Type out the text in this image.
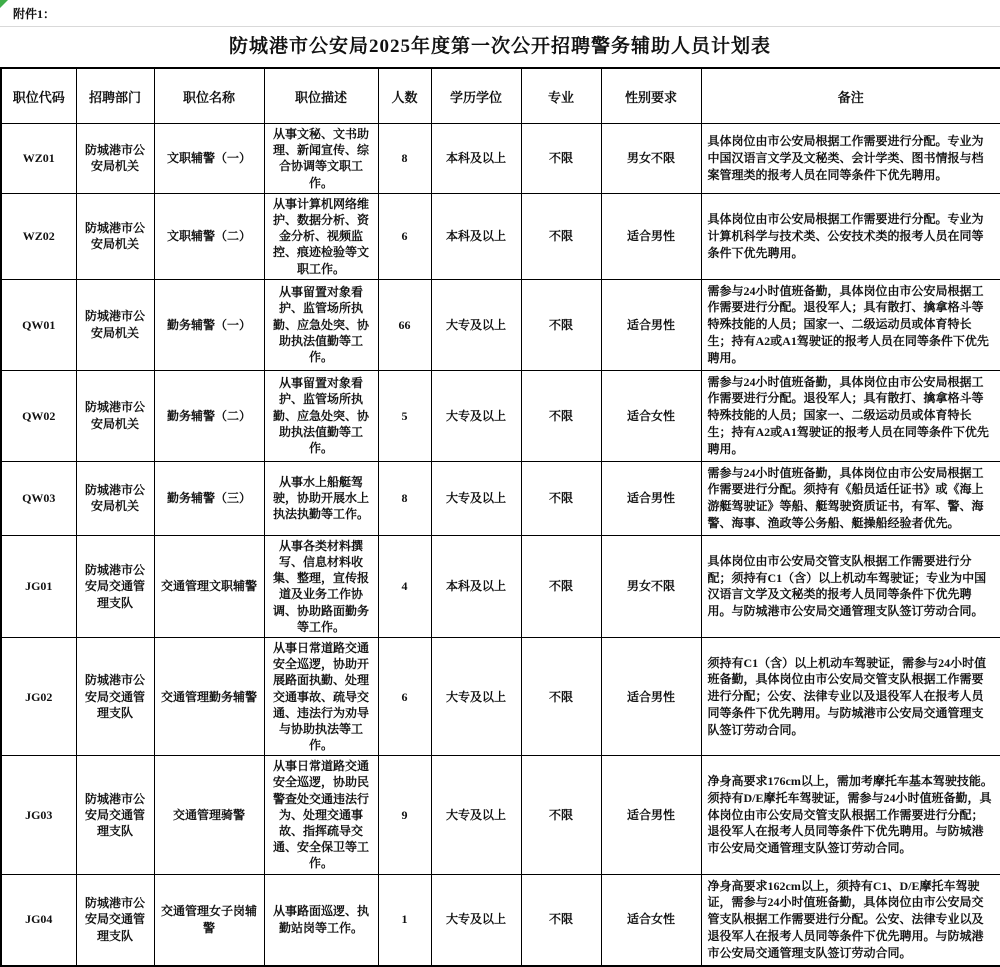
附件1：
防城港市公安局2025年度第一次公开招聘警务辅助人员计划表
职位代码	招聘部门	职位名称	职位描述	人数	学历学位	专业	性别要求	备注
WZ01	防城港市公安局机关	文职辅警（一）	从事文秘、文书助理、新闻宣传、综合协调等文职工作。	8	本科及以上	不限	男女不限	具体岗位由市公安局根据工作需要进行分配。专业为中国汉语言文学及文秘类、会计学类、图书情报与档案管理类的报考人员在同等条件下优先聘用。
WZ02	防城港市公安局机关	文职辅警（二）	从事计算机网络维护、数据分析、资金分析、视频监控、痕迹检验等文职工作。	6	本科及以上	不限	适合男性	具体岗位由市公安局根据工作需要进行分配。专业为计算机科学与技术类、公安技术类的报考人员在同等条件下优先聘用。
QW01	防城港市公安局机关	勤务辅警（一）	从事留置对象看护、监管场所执勤、应急处突、协助执法值勤等工作。	66	大专及以上	不限	适合男性	需参与24小时值班备勤，具体岗位由市公安局根据工作需要进行分配。退役军人；具有散打、擒拿格斗等特殊技能的人员；国家一、二级运动员或体育特长生；持有A2或A1驾驶证的报考人员在同等条件下优先聘用。
QW02	防城港市公安局机关	勤务辅警（二）	从事留置对象看护、监管场所执勤、应急处突、协助执法值勤等工作。	5	大专及以上	不限	适合女性	需参与24小时值班备勤，具体岗位由市公安局根据工作需要进行分配。退役军人；具有散打、擒拿格斗等特殊技能的人员；国家一、二级运动员或体育特长生；持有A2或A1驾驶证的报考人员在同等条件下优先聘用。
QW03	防城港市公安局机关	勤务辅警（三）	从事水上船艇驾驶，协助开展水上执法执勤等工作。	8	大专及以上	不限	适合男性	需参与24小时值班备勤，具体岗位由市公安局根据工作需要进行分配。须持有《船员适任证书》或《海上游艇驾驶证》等船、艇驾驶资质证书，有军、警、海警、海事、渔政等公务船、艇操船经验者优先。
JG01	防城港市公安局交通管理支队	交通管理文职辅警	从事各类材料撰写、信息材料收集、整理，宣传报道及业务工作协调、协助路面勤务等工作。	4	本科及以上	不限	男女不限	具体岗位由市公安局交管支队根据工作需要进行分配；须持有C1（含）以上机动车驾驶证；专业为中国汉语言文学及文秘类的报考人员同等条件下优先聘用。与防城港市公安局交通管理支队签订劳动合同。
JG02	防城港市公安局交通管理支队	交通管理勤务辅警	从事日常道路交通安全巡逻，协助开展路面执勤、处理交通事故、疏导交通、违法行为劝导与协助执法等工作。	6	大专及以上	不限	适合男性	须持有C1（含）以上机动车驾驶证，需参与24小时值班备勤，具体岗位由市公安局交管支队根据工作需要进行分配；公安、法律专业以及退役军人在报考人员同等条件下优先聘用。与防城港市公安局交通管理支队签订劳动合同。
JG03	防城港市公安局交通管理支队	交通管理骑警	从事日常道路交通安全巡逻，协助民警查处交通违法行为、处理交通事故、指挥疏导交通、安全保卫等工作。	9	大专及以上	不限	适合男性	净身高要求176cm以上，需加考摩托车基本驾驶技能。须持有D/E摩托车驾驶证，需参与24小时值班备勤，具体岗位由市公安局交管支队根据工作需要进行分配；退役军人在报考人员同等条件下优先聘用。与防城港市公安局交通管理支队签订劳动合同。
JG04	防城港市公安局交通管理支队	交通管理女子岗辅警	从事路面巡逻、执勤站岗等工作。	1	大专及以上	不限	适合女性	净身高要求162cm以上，须持有C1、D/E摩托车驾驶证，需参与24小时值班备勤，具体岗位由市公安局交管支队根据工作需要进行分配。公安、法律专业以及退役军人在报考人员同等条件下优先聘用。与防城港市公安局交通管理支队签订劳动合同。
